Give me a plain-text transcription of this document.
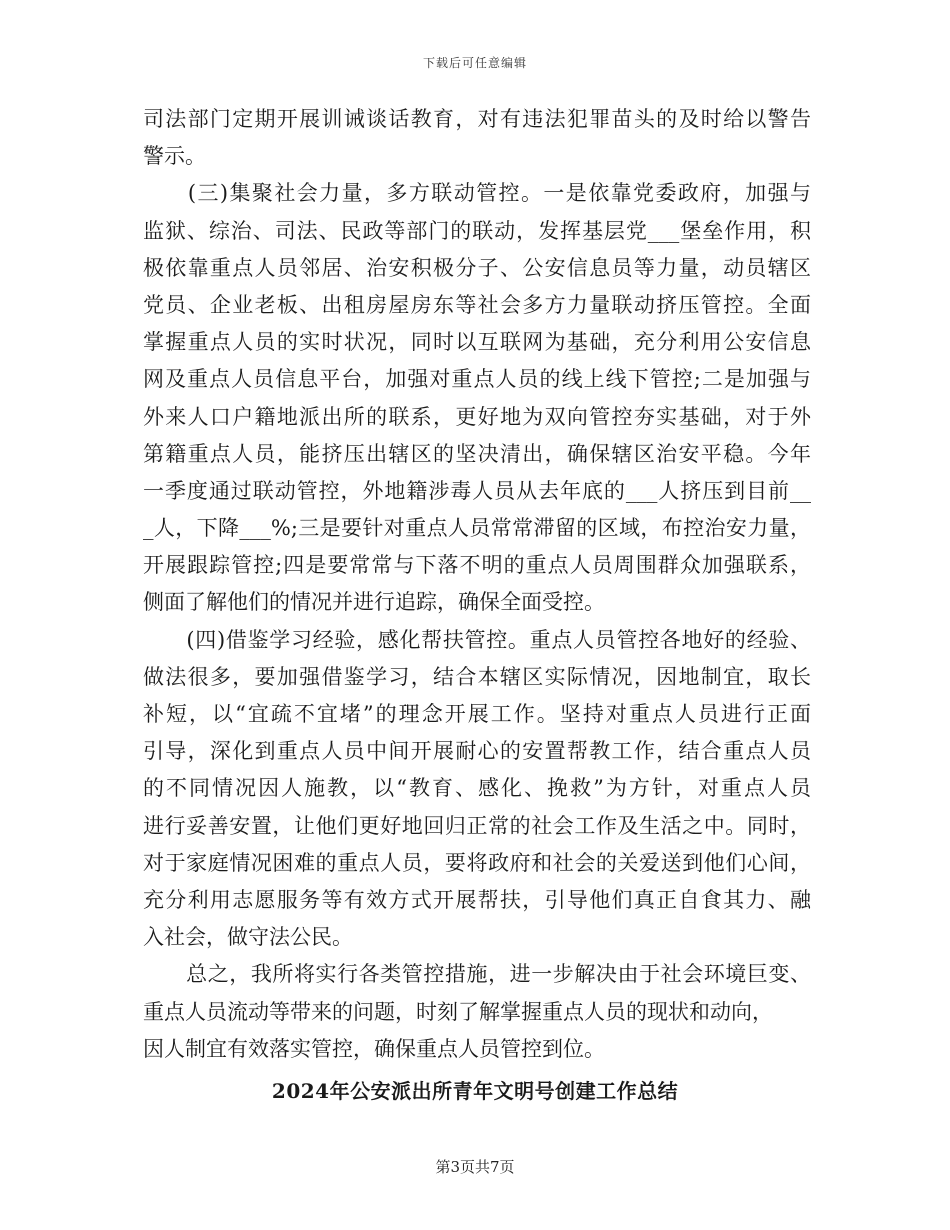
下载后可任意编辑
司法部门定期开展训诫谈话教育，对有违法犯罪苗头的及时给以警告
警示。
　　(三)集聚社会力量，多方联动管控。一是依靠党委政府，加强与
监狱、综治、司法、民政等部门的联动，发挥基层党___堡垒作用，积
极依靠重点人员邻居、治安积极分子、公安信息员等力量，动员辖区
党员、企业老板、出租房屋房东等社会多方力量联动挤压管控。全面
掌握重点人员的实时状况，同时以互联网为基础，充分利用公安信息
网及重点人员信息平台，加强对重点人员的线上线下管控;二是加强与
外来人口户籍地派出所的联系，更好地为双向管控夯实基础，对于外
第籍重点人员，能挤压出辖区的坚决清出，确保辖区治安平稳。今年
一季度通过联动管控，外地籍涉毒人员从去年底的___人挤压到目前__
_人，下降___%;三是要针对重点人员常常滞留的区域，布控治安力量，
开展跟踪管控;四是要常常与下落不明的重点人员周围群众加强联系，
侧面了解他们的情况并进行追踪，确保全面受控。
　　(四)借鉴学习经验，感化帮扶管控。重点人员管控各地好的经验、
做法很多，要加强借鉴学习，结合本辖区实际情况，因地制宜，取长
补短，以“宜疏不宜堵”的理念开展工作。坚持对重点人员进行正面
引导，深化到重点人员中间开展耐心的安置帮教工作，结合重点人员
的不同情况因人施教，以“教育、感化、挽救”为方针，对重点人员
进行妥善安置，让他们更好地回归正常的社会工作及生活之中。同时，
对于家庭情况困难的重点人员，要将政府和社会的关爱送到他们心间，
充分利用志愿服务等有效方式开展帮扶，引导他们真正自食其力、融
入社会，做守法公民。
　　总之，我所将实行各类管控措施，进一步解决由于社会环境巨变、
重点人员流动等带来的问题，时刻了解掌握重点人员的现状和动向，
因人制宜有效落实管控，确保重点人员管控到位。
2024年公安派出所青年文明号创建工作总结
第3页共7页
